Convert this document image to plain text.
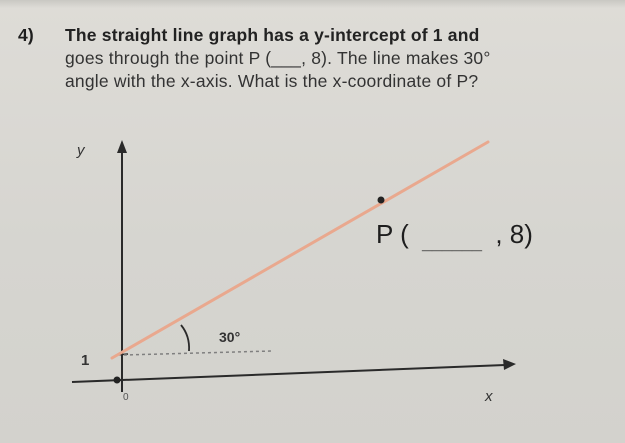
4)	The straight line graph has a y-intercept of 1 and
goes through the point P (___, 8). The line makes 30°
angle with the x-axis. What is the x-coordinate of P?
y
x
0
1
30°
P ( $_{\_\_\_\_\_\_}$ , 8)
